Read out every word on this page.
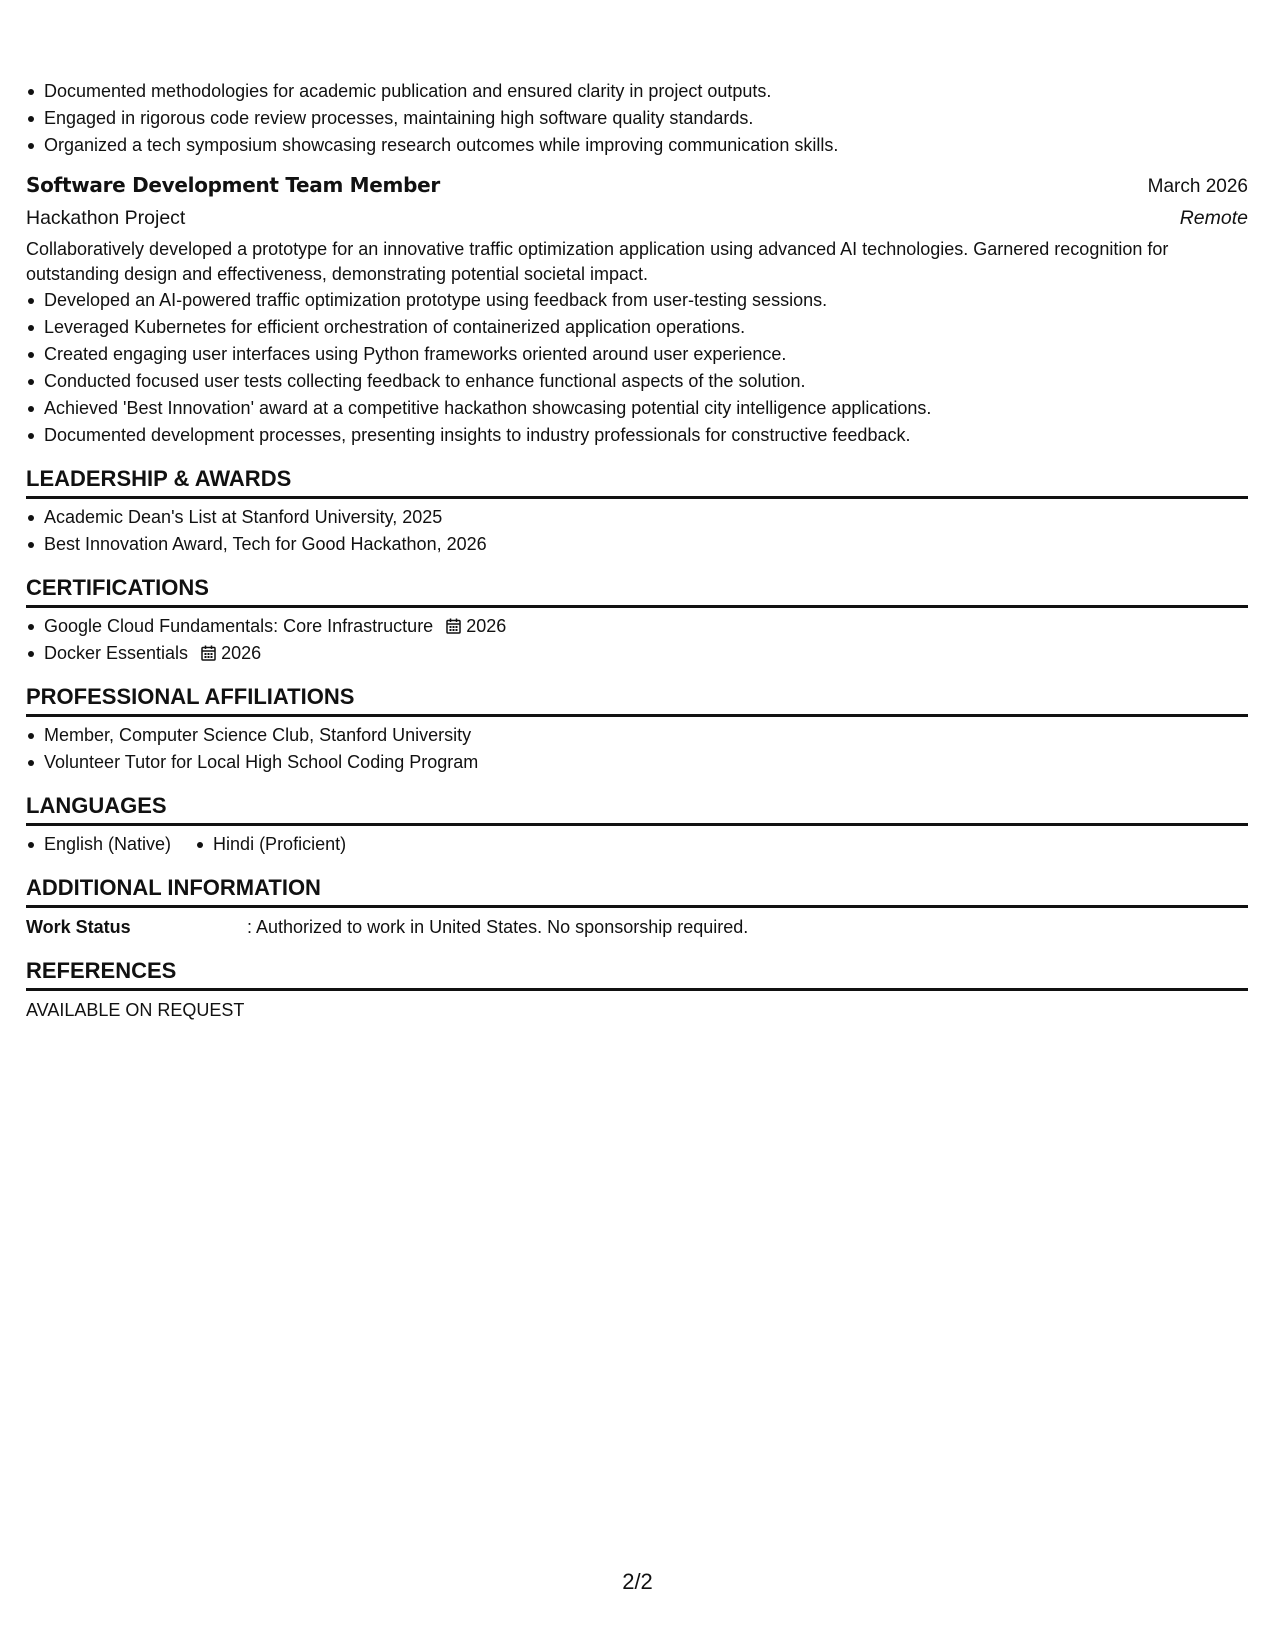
Documented methodologies for academic publication and ensured clarity in project outputs.
Engaged in rigorous code review processes, maintaining high software quality standards.
Organized a tech symposium showcasing research outcomes while improving communication skills.
Software Development Team Member	March 2026
Hackathon Project	Remote

Collaboratively developed a prototype for an innovative traffic optimization application using advanced AI technologies. Garnered recognition for outstanding design and effectiveness, demonstrating potential societal impact.

Developed an AI-powered traffic optimization prototype using feedback from user-testing sessions.
Leveraged Kubernetes for efficient orchestration of containerized application operations.
Created engaging user interfaces using Python frameworks oriented around user experience.
Conducted focused user tests collecting feedback to enhance functional aspects of the solution.
Achieved 'Best Innovation' award at a competitive hackathon showcasing potential city intelligence applications.
Documented development processes, presenting insights to industry professionals for constructive feedback.
LEADERSHIP & AWARDS
Academic Dean's List at Stanford University, 2025
Best Innovation Award, Tech for Good Hackathon, 2026
CERTIFICATIONS
Google Cloud Fundamentals: Core Infrastructure 2026
Docker Essentials 2026
PROFESSIONAL AFFILIATIONS
Member, Computer Science Club, Stanford University
Volunteer Tutor for Local High School Coding Program
LANGUAGES
English (Native)	Hindi (Proficient)
ADDITIONAL INFORMATION
Work Status	: Authorized to work in United States. No sponsorship required.
REFERENCES

AVAILABLE ON REQUEST

2/2
